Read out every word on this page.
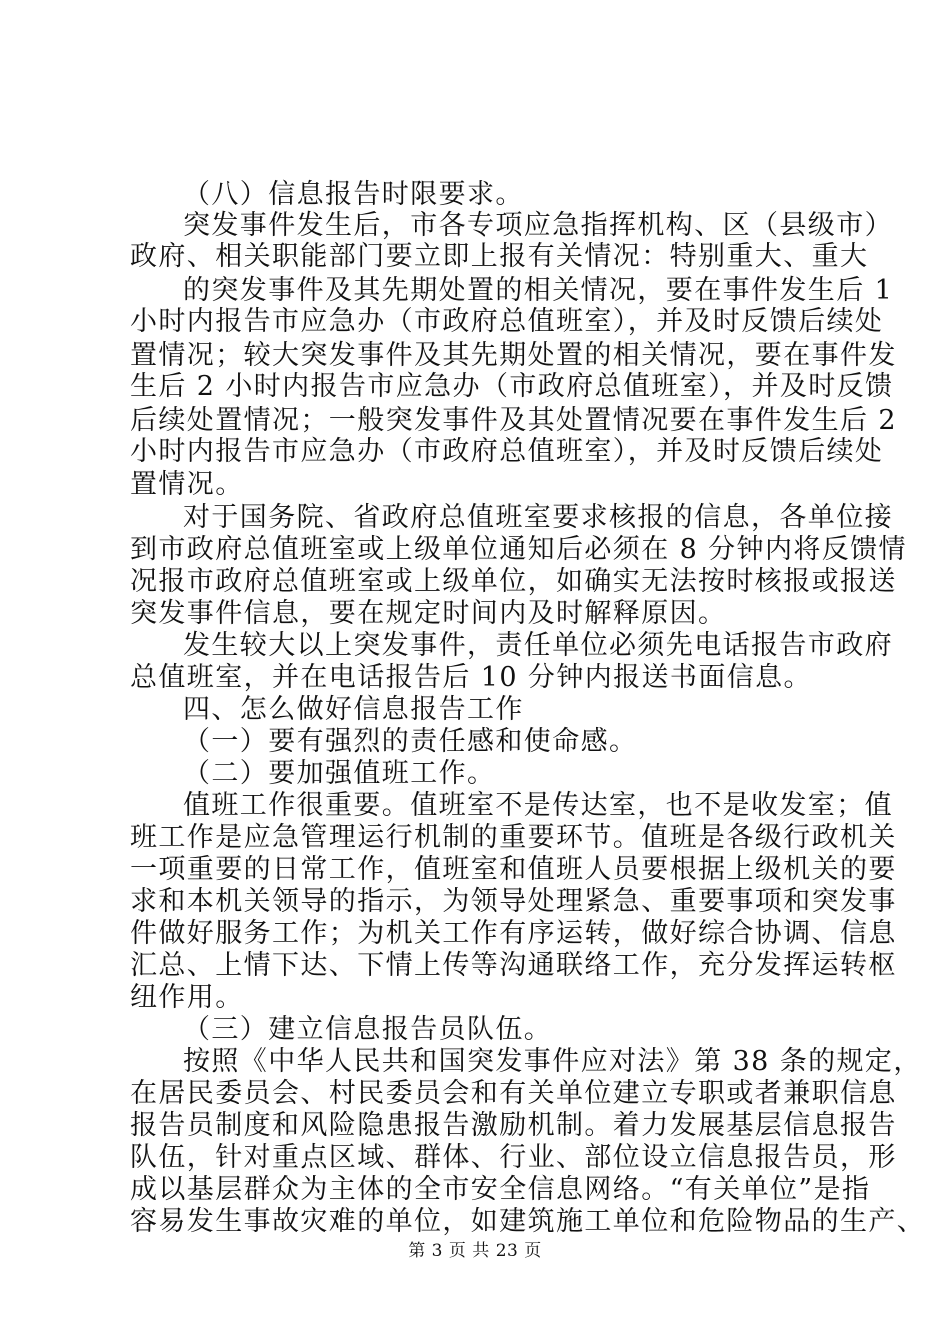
（八）信息报告时限要求。
突发事件发生后，市各专项应急指挥机构、区（县级市）
政府、相关职能部门要立即上报有关情况：特别重大、重大
的突发事件及其先期处置的相关情况，要在事件发生后 1
小时内报告市应急办（市政府总值班室），并及时反馈后续处
置情况；较大突发事件及其先期处置的相关情况，要在事件发
生后 2 小时内报告市应急办（市政府总值班室），并及时反馈
后续处置情况；一般突发事件及其处置情况要在事件发生后 2
小时内报告市应急办（市政府总值班室），并及时反馈后续处
置情况。
对于国务院、省政府总值班室要求核报的信息，各单位接
到市政府总值班室或上级单位通知后必须在 8 分钟内将反馈情
况报市政府总值班室或上级单位，如确实无法按时核报或报送
突发事件信息，要在规定时间内及时解释原因。
发生较大以上突发事件，责任单位必须先电话报告市政府
总值班室，并在电话报告后 10 分钟内报送书面信息。
四、怎么做好信息报告工作
（一）要有强烈的责任感和使命感。
（二）要加强值班工作。
值班工作很重要。值班室不是传达室，也不是收发室；值
班工作是应急管理运行机制的重要环节。值班是各级行政机关
一项重要的日常工作，值班室和值班人员要根据上级机关的要
求和本机关领导的指示，为领导处理紧急、重要事项和突发事
件做好服务工作；为机关工作有序运转，做好综合协调、信息
汇总、上情下达、下情上传等沟通联络工作，充分发挥运转枢
纽作用。
（三）建立信息报告员队伍。
按照《中华人民共和国突发事件应对法》第 38 条的规定，
在居民委员会、村民委员会和有关单位建立专职或者兼职信息
报告员制度和风险隐患报告激励机制。着力发展基层信息报告
队伍，针对重点区域、群体、行业、部位设立信息报告员，形
成以基层群众为主体的全市安全信息网络。“有关单位”是指
容易发生事故灾难的单位，如建筑施工单位和危险物品的生产、
第 3 页 共 23 页
